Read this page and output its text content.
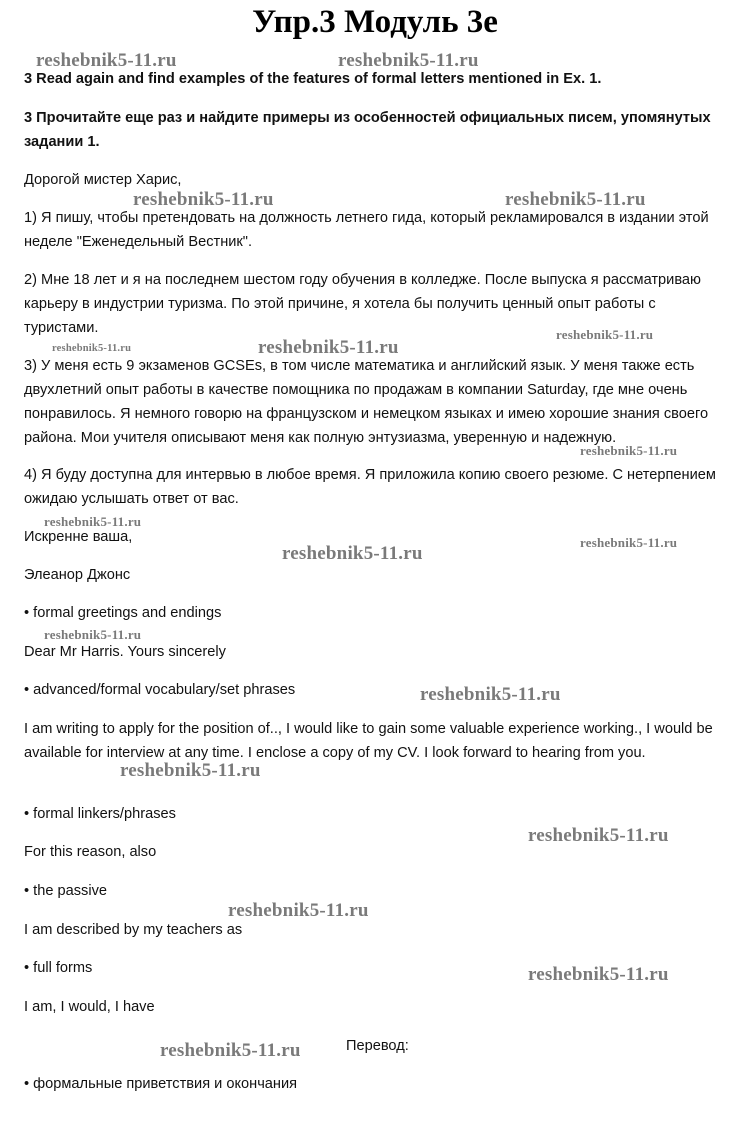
Упр.3 Модуль 3е
reshebnik5-11.ru	reshebnik5-11.ru

3 Read again and find examples of the features of formal letters mentioned in Ex. 1.

3 Прочитайте еще раз и найдите примеры из особенностей официальных писем, упомянутых задании 1.

Дорогой мистер Харис,

reshebnik5-11.ru	reshebnik5-11.ru

1) Я пишу, чтобы претендовать на должность летнего гида, который рекламировался в издании этой неделе "Еженедельный Вестник".

2) Мне 18 лет и я на последнем шестом году обучения в колледже. После выпуска я рассматриваю карьеру в индустрии туризма. По этой причине, я хотела бы получить ценный опыт работы с туристами.	reshebnik5-11.ru
reshebnik5-11.ru	reshebnik5-11.ru

3) У меня есть 9 экзаменов GCSEs, в том числе математика и английский язык. У меня также есть двухлетний опыт работы в качестве помощника по продажам в компании Saturday, где мне очень понравилось. Я немного говорю на французском и немецком языках и имею хорошие знания своего района. Мои учителя описывают меня как полную энтузиазма, уверенную и надежную.

reshebnik5-11.ru

4) Я буду доступна для интервью в любое время. Я приложила копию своего резюме. С нетерпением ожидаю услышать ответ от вас.

reshebnik5-11.ru
reshebnik5-11.ru

Искренне ваша,

reshebnik5-11.ru

Элеанор Джонс

• formal greetings and endings

reshebnik5-11.ru

Dear Mr Harris. Yours sincerely

• advanced/formal vocabulary/set phrases	reshebnik5-11.ru

I am writing to apply for the position of.., I would like to gain some valuable experience working., I would be available for interview at any time. I enclose a copy of my CV. I look forward to hearing from you.

reshebnik5-11.ru

• formal linkers/phrases

reshebnik5-11.ru

For this reason, also

• the passive

reshebnik5-11.ru

I am described by my teachers as

• full forms	reshebnik5-11.ru

I am, I would, I have

reshebnik5-11.ru	Перевод:

• формальные приветствия и окончания
